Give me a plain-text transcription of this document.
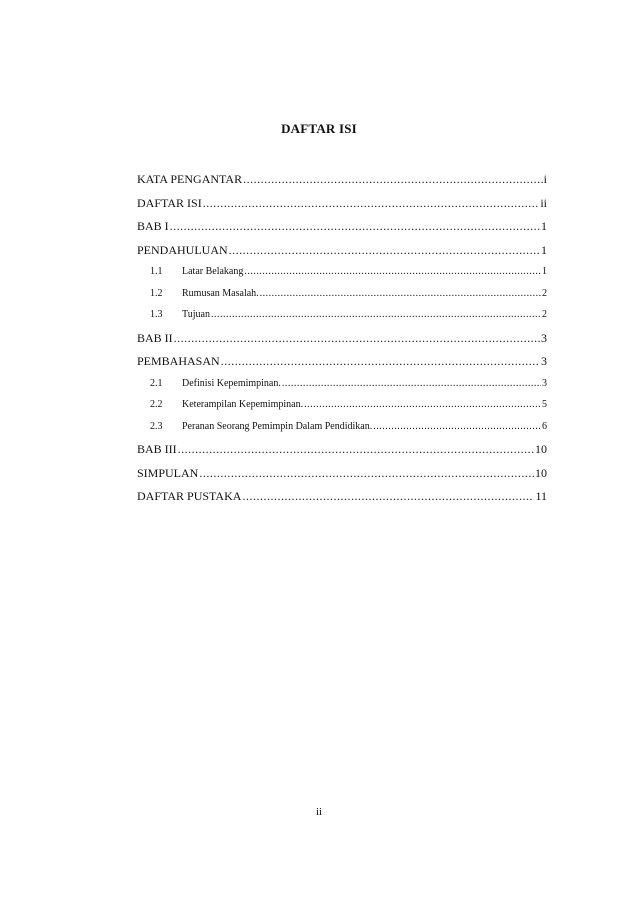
DAFTAR ISI
KATA PENGANTAR .....	i
DAFTAR ISI .....	ii
BAB I .....	1
PENDAHULUAN .....	1
1.1	Latar Belakang .....	1
1.2	Rumusan Masalah. .....	2
1.3	Tujuan .....	2
BAB II .....	3
PEMBAHASAN .....	3
2.1	Definisi Kepemimpinan. .....	3
2.2	Keterampilan Kepemimpinan. .....	5
2.3	Peranan Seorang Pemimpin Dalam Pendidikan. .....	6
BAB III .....	10
SIMPULAN .....	10
DAFTAR PUSTAKA .....	11
ii
